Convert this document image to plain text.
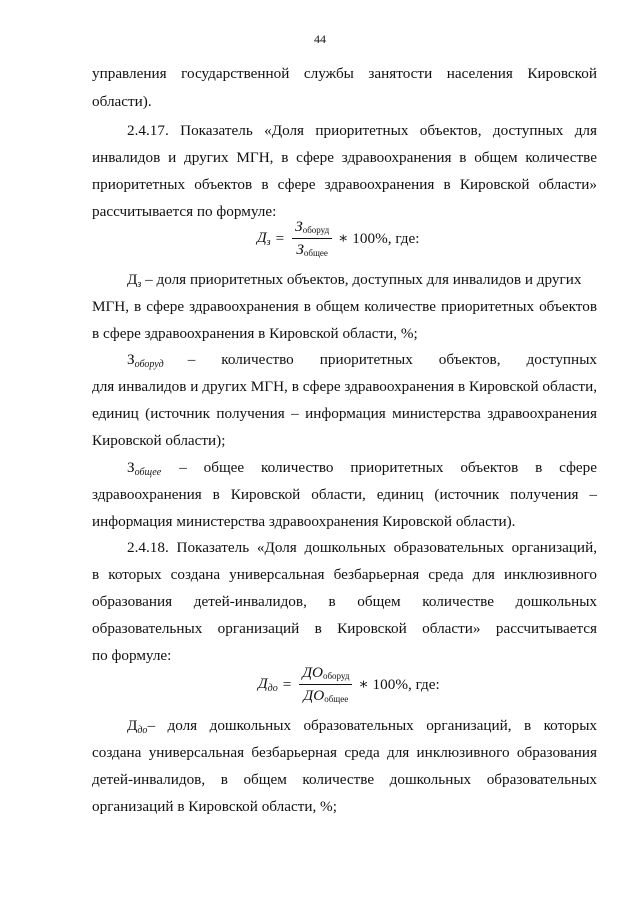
44
управления государственной службы занятости населения Кировской
области).
2.4.17. Показатель «Доля приоритетных объектов, доступных для
инвалидов и других МГН, в сфере здравоохранения в общем количестве
приоритетных объектов в сфере здравоохранения в Кировской области»
рассчитывается по формуле:
$Д_з = \frac{\text{Зоборуд}}{\text{Зобщее}}$ ∗ 100%, где:
$Д_з$ – доля приоритетных объектов, доступных для инвалидов и других
МГН, в сфере здравоохранения в общем количестве приоритетных объектов
в сфере здравоохранения в Кировской области, %;
$З_{оборуд}$	– количество приоритетных объектов, доступных
для инвалидов и других МГН, в сфере здравоохранения в Кировской области,
единиц (источник получения – информация министерства здравоохранения
Кировской области);
$З_{общее}$	– общее количество приоритетных объектов в сфере
здравоохранения в Кировской области, единиц (источник получения –
информация министерства здравоохранения Кировской области).
2.4.18. Показатель «Доля дошкольных образовательных организаций,
в которых создана универсальная безбарьерная среда для инклюзивного
образования детей-инвалидов, в общем количестве дошкольных
образовательных организаций в Кировской области» рассчитывается
по формуле:
$Д_{до} = \frac{\text{ДОоборуд}}{\text{ДОобщее}}$ ∗ 100%, где:
$Д_{до}$ – доля дошкольных образовательных организаций, в которых
создана универсальная безбарьерная среда для инклюзивного образования
детей-инвалидов, в общем количестве дошкольных образовательных
организаций в Кировской области, %;
